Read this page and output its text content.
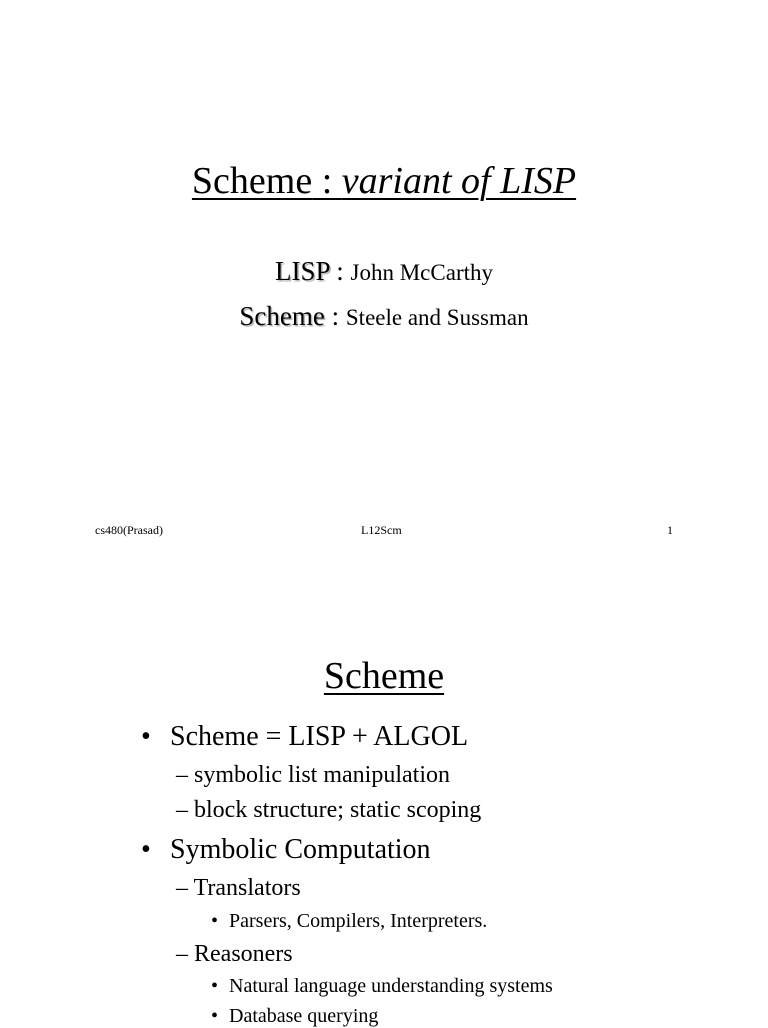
Scheme : variant of LISP
LISP : John McCarthy
Scheme : Steele and Sussman
cs480(Prasad)	L12Scm	1
Scheme
• Scheme = LISP + ALGOL
– symbolic list manipulation
– block structure; static scoping
• Symbolic Computation
– Translators
• Parsers, Compilers, Interpreters.
– Reasoners
• Natural language understanding systems
• Database querying
